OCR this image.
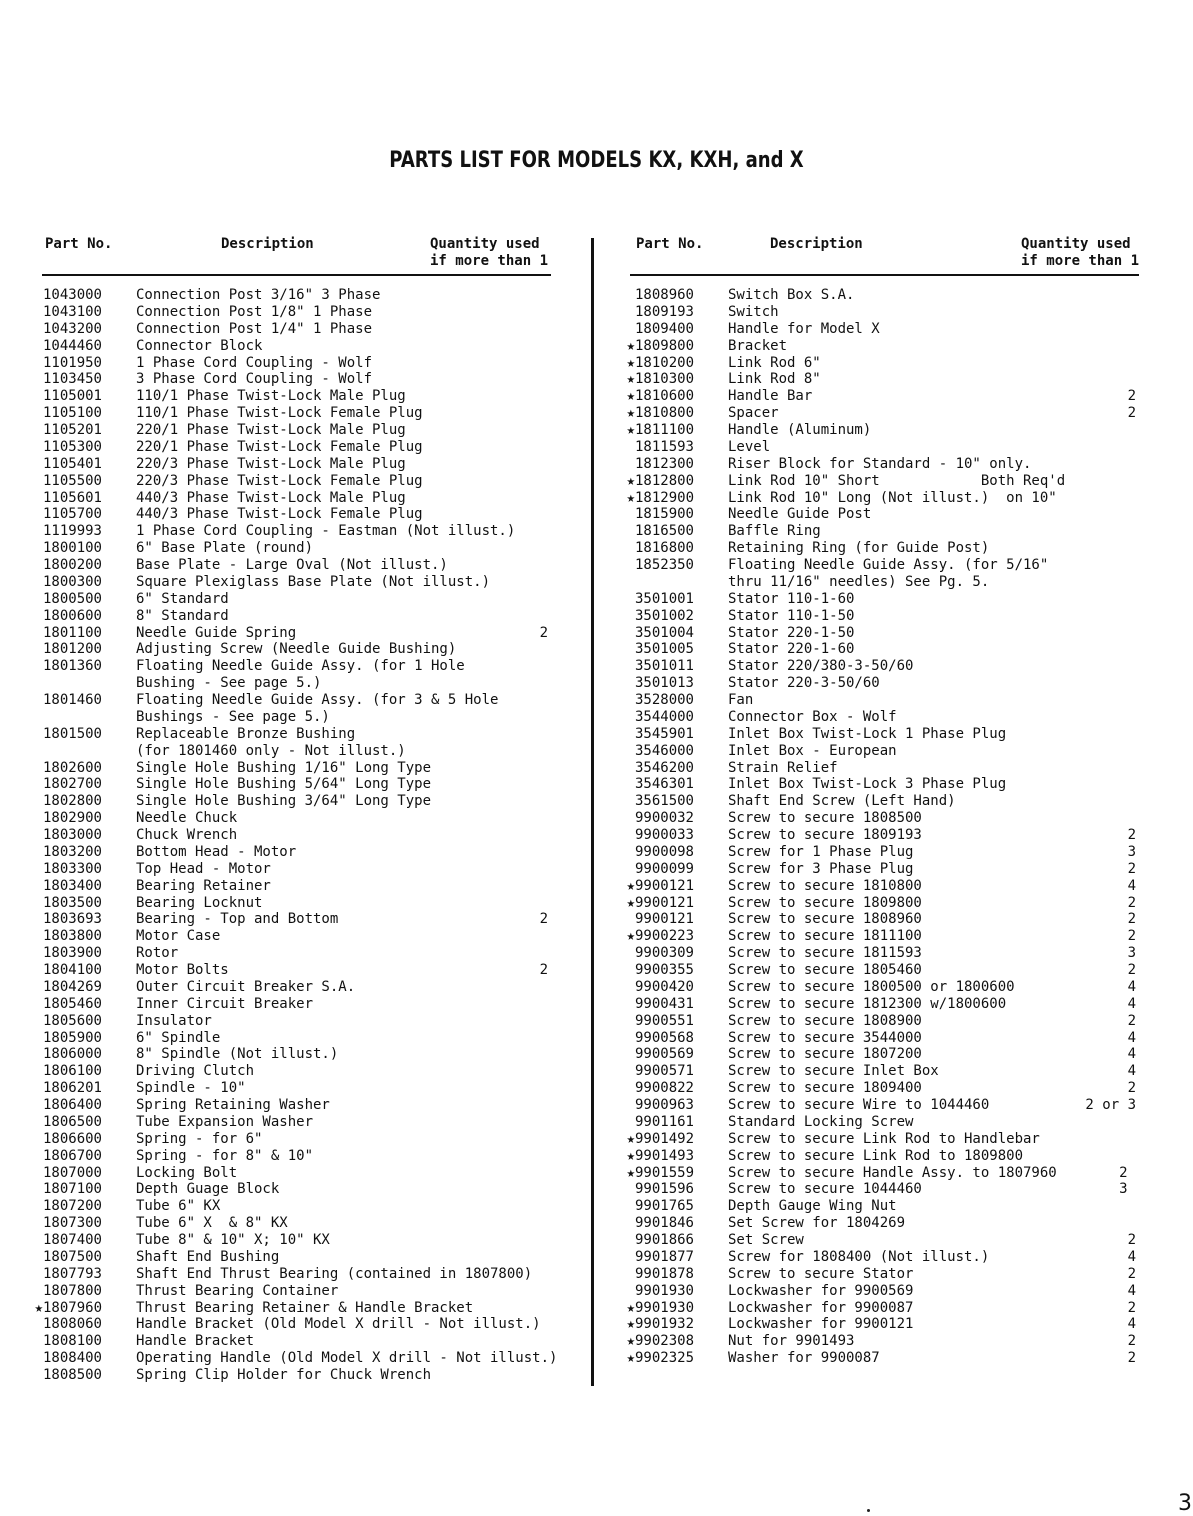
PARTS LIST FOR MODELS KX, KXH, and X
Part No.	Description	Quantity used
if more than 1
1043000 Connection Post 3/16" 3 Phase
1043100 Connection Post 1/8" 1 Phase
1043200 Connection Post 1/4" 1 Phase
1044460 Connector Block
1101950 1 Phase Cord Coupling - Wolf
1103450 3 Phase Cord Coupling - Wolf
1105001 110/1 Phase Twist-Lock Male Plug
1105100 110/1 Phase Twist-Lock Female Plug
1105201 220/1 Phase Twist-Lock Male Plug
1105300 220/1 Phase Twist-Lock Female Plug
1105401 220/3 Phase Twist-Lock Male Plug
1105500 220/3 Phase Twist-Lock Female Plug
1105601 440/3 Phase Twist-Lock Male Plug
1105700 440/3 Phase Twist-Lock Female Plug
1119993 1 Phase Cord Coupling - Eastman (Not illust.)
1800100 6" Base Plate (round)
1800200 Base Plate - Large Oval (Not illust.)
1800300 Square Plexiglass Base Plate (Not illust.)
1800500 6" Standard
1800600 8" Standard
1801100 Needle Guide Spring	2
1801200 Adjusting Screw (Needle Guide Bushing)
1801360 Floating Needle Guide Assy. (for 1 Hole
Bushing - See page 5.)
1801460 Floating Needle Guide Assy. (for 3 & 5 Hole
Bushings - See page 5.)
1801500 Replaceable Bronze Bushing
(for 1801460 only - Not illust.)
1802600 Single Hole Bushing 1/16" Long Type
1802700 Single Hole Bushing 5/64" Long Type
1802800 Single Hole Bushing 3/64" Long Type
1802900 Needle Chuck
1803000 Chuck Wrench
1803200 Bottom Head - Motor
1803300 Top Head - Motor
1803400 Bearing Retainer
1803500 Bearing Locknut
1803693 Bearing - Top and Bottom	2
1803800 Motor Case
1803900 Rotor
1804100 Motor Bolts	2
1804269 Outer Circuit Breaker S.A.
1805460 Inner Circuit Breaker
1805600 Insulator
1805900 6" Spindle
1806000 8" Spindle (Not illust.)
1806100 Driving Clutch
1806201 Spindle - 10"
1806400 Spring Retaining Washer
1806500 Tube Expansion Washer
1806600 Spring - for 6"
1806700 Spring - for 8" & 10"
1807000 Locking Bolt
1807100 Depth Guage Block
1807200 Tube 6" KX
1807300 Tube 6" X  & 8" KX
1807400 Tube 8" & 10" X; 10" KX
1807500 Shaft End Bushing
1807793 Shaft End Thrust Bearing (contained in 1807800)
1807800 Thrust Bearing Container
★1807960 Thrust Bearing Retainer & Handle Bracket
1808060 Handle Bracket (Old Model X drill - Not illust.)
1808100 Handle Bracket
1808400 Operating Handle (Old Model X drill - Not illust.)
1808500 Spring Clip Holder for Chuck Wrench
Part No.	Description	Quantity used
if more than 1
1808960 Switch Box S.A.
1809193 Switch
1809400 Handle for Model X
★1809800 Bracket
★1810200 Link Rod 6"
★1810300 Link Rod 8"
★1810600 Handle Bar	2
★1810800 Spacer	2
★1811100 Handle (Aluminum)
1811593 Level
1812300 Riser Block for Standard - 10" only.
★1812800 Link Rod 10" Short            Both Req'd
★1812900 Link Rod 10" Long (Not illust.)  on 10"
1815900 Needle Guide Post
1816500 Baffle Ring
1816800 Retaining Ring (for Guide Post)
1852350 Floating Needle Guide Assy. (for 5/16"
thru 11/16" needles) See Pg. 5.
3501001 Stator 110-1-60
3501002 Stator 110-1-50
3501004 Stator 220-1-50
3501005 Stator 220-1-60
3501011 Stator 220/380-3-50/60
3501013 Stator 220-3-50/60
3528000 Fan
3544000 Connector Box - Wolf
3545901 Inlet Box Twist-Lock 1 Phase Plug
3546000 Inlet Box - European
3546200 Strain Relief
3546301 Inlet Box Twist-Lock 3 Phase Plug
3561500 Shaft End Screw (Left Hand)
9900032 Screw to secure 1808500
9900033 Screw to secure 1809193	2
9900098 Screw for 1 Phase Plug	3
9900099 Screw for 3 Phase Plug	2
★9900121 Screw to secure 1810800	4
★9900121 Screw to secure 1809800	2
9900121 Screw to secure 1808960	2
★9900223 Screw to secure 1811100	2
9900309 Screw to secure 1811593	3
9900355 Screw to secure 1805460	2
9900420 Screw to secure 1800500 or 1800600	4
9900431 Screw to secure 1812300 w/1800600	4
9900551 Screw to secure 1808900	2
9900568 Screw to secure 3544000	4
9900569 Screw to secure 1807200	4
9900571 Screw to secure Inlet Box	4
9900822 Screw to secure 1809400	2
9900963 Screw to secure Wire to 1044460	2 or 3
9901161 Standard Locking Screw
★9901492 Screw to secure Link Rod to Handlebar
★9901493 Screw to secure Link Rod to 1809800
★9901559 Screw to secure Handle Assy. to 1807960	2
9901596 Screw to secure 1044460	3
9901765 Depth Gauge Wing Nut
9901846 Set Screw for 1804269
9901866 Set Screw	2
9901877 Screw for 1808400 (Not illust.)	4
9901878 Screw to secure Stator	2
9901930 Lockwasher for 9900569	4
★9901930 Lockwasher for 9900087	2
★9901932 Lockwasher for 9900121	4
★9902308 Nut for 9901493	2
★9902325 Washer for 9900087	2
3
